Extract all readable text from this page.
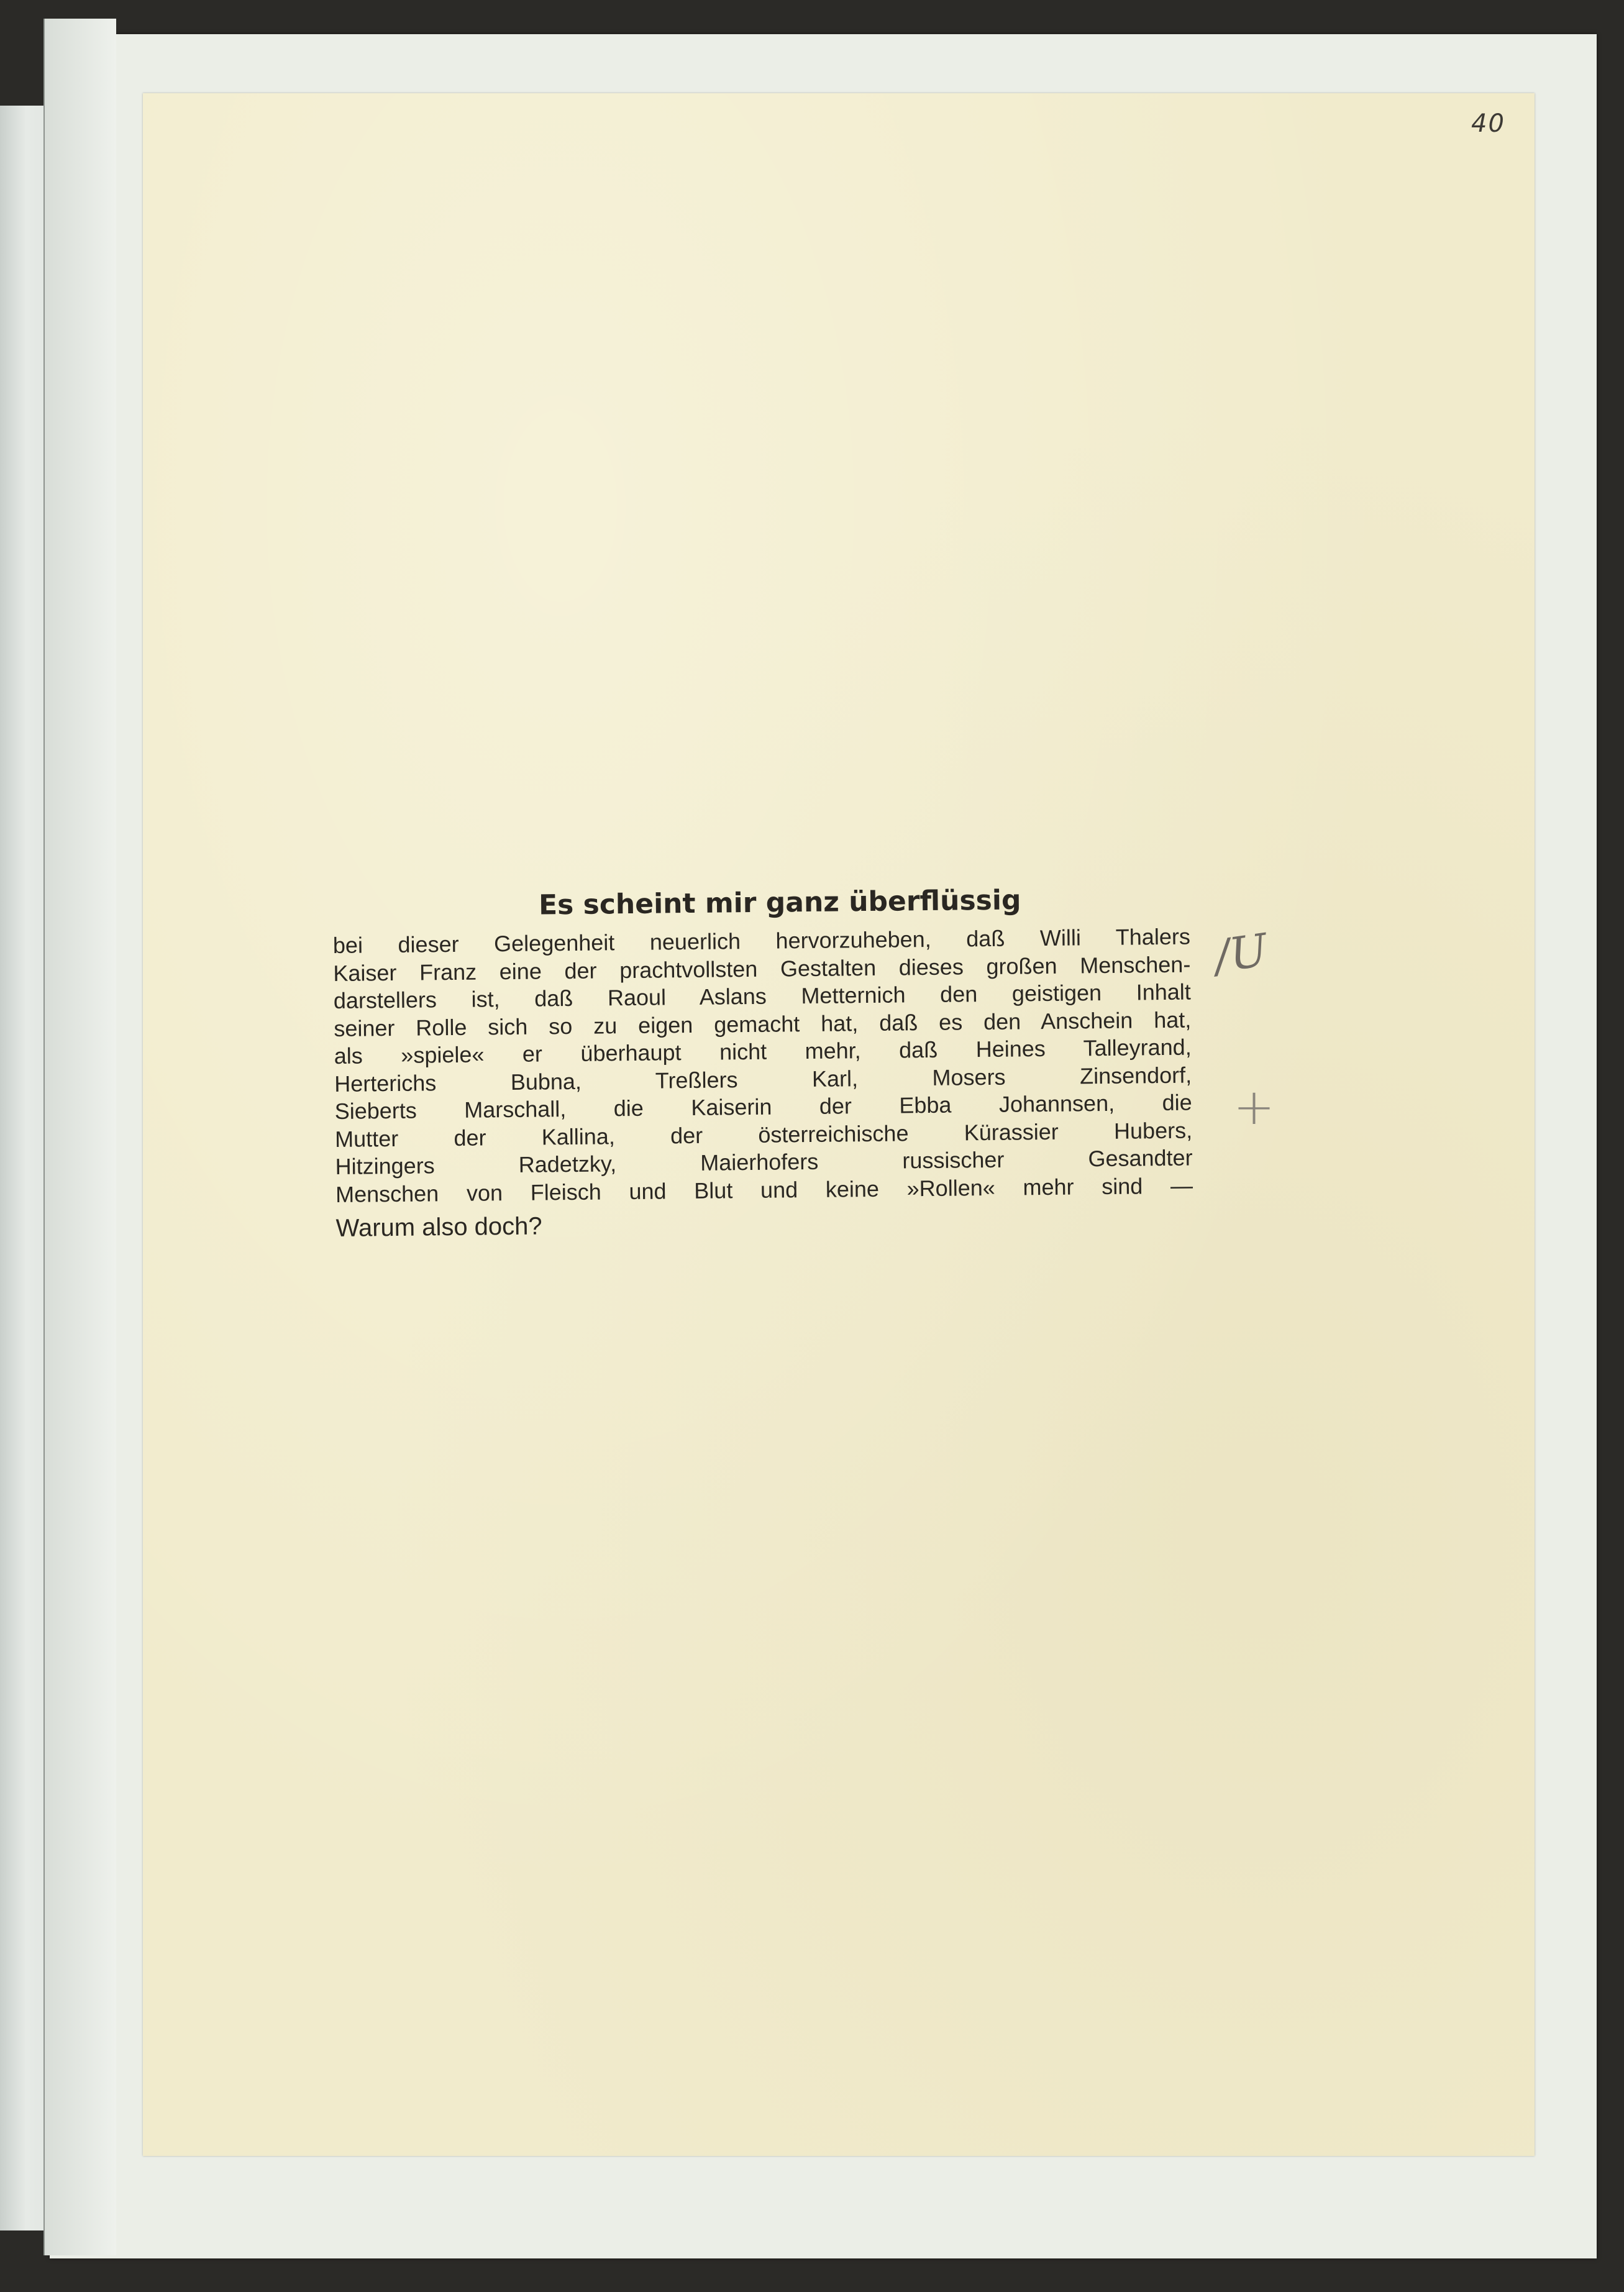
40
/U
+

Es scheint mir ganz überflüssig

bei dieser Gelegenheit neuerlich hervorzuheben, daß Willi Thalers
Kaiser Franz eine der prachtvollsten Gestalten dieses großen Menschen-
darstellers ist, daß Raoul Aslans Metternich den geistigen Inhalt
seiner Rolle sich so zu eigen gemacht hat, daß es den Anschein hat,
als »spiele« er überhaupt nicht mehr, daß Heines Talleyrand,
Herterichs Bubna, Treßlers Karl, Mosers Zinsendorf,
Sieberts Marschall, die Kaiserin der Ebba Johannsen, die
Mutter der Kallina, der österreichische Kürassier Hubers,
Hitzingers Radetzky, Maierhofers russischer Gesandter
Menschen von Fleisch und Blut und keine »Rollen« mehr sind —
Warum also doch?
